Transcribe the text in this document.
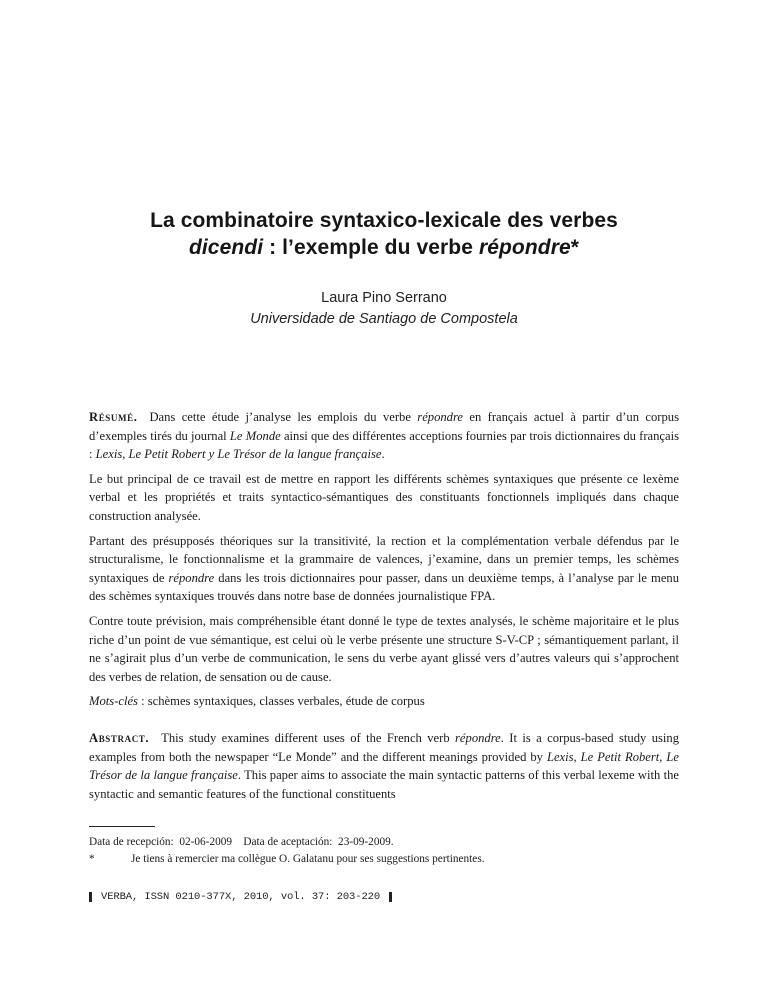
La combinatoire syntaxico-lexicale des verbes
dicendi : l’exemple du verbe répondre*
Laura Pino Serrano
Universidade de Santiago de Compostela

Résumé. Dans cette étude j’analyse les emplois du verbe répondre en français actuel à partir d’un corpus d’exemples tirés du journal Le Monde ainsi que des différentes acceptions fournies par trois dictionnaires du français : Lexis, Le Petit Robert y Le Trésor de la langue française.

Le but principal de ce travail est de mettre en rapport les différents schèmes syntaxiques que présente ce lexème verbal et les propriétés et traits syntactico-sémantiques des constituants fonctionnels impliqués dans chaque construction analysée.

Partant des présupposés théoriques sur la transitivité, la rection et la complémentation verbale défendus par le structuralisme, le fonctionnalisme et la grammaire de valences, j’examine, dans un premier temps, les schèmes syntaxiques de répondre dans les trois dictionnaires pour passer, dans un deuxième temps, à l’analyse par le menu des schèmes syntaxiques trouvés dans notre base de données journalistique FPA.

Contre toute prévision, mais compréhensible étant donné le type de textes analysés, le schème majoritaire et le plus riche d’un point de vue sémantique, est celui où le verbe présente une structure S-V-CP ; sémantiquement parlant, il ne s’agirait plus d’un verbe de communication, le sens du verbe ayant glissé vers d’autres valeurs qui s’approchent des verbes de relation, de sensation ou de cause.

Mots-clés : schèmes syntaxiques, classes verbales, étude de corpus

Abstract. This study examines different uses of the French verb répondre. It is a corpus-based study using examples from both the newspaper “Le Monde” and the different meanings provided by Lexis, Le Petit Robert, Le Trésor de la langue française. This paper aims to associate the main syntactic patterns of this verbal lexeme with the syntactic and semantic features of the functional constituents

Data de recepción:  02-06-2009    Data de aceptación:  23-09-2009.
*	Je tiens à remercier ma collègue O. Galatanu pour ses suggestions pertinentes.
VERBA, ISSN 0210-377X, 2010, vol. 37: 203-220
